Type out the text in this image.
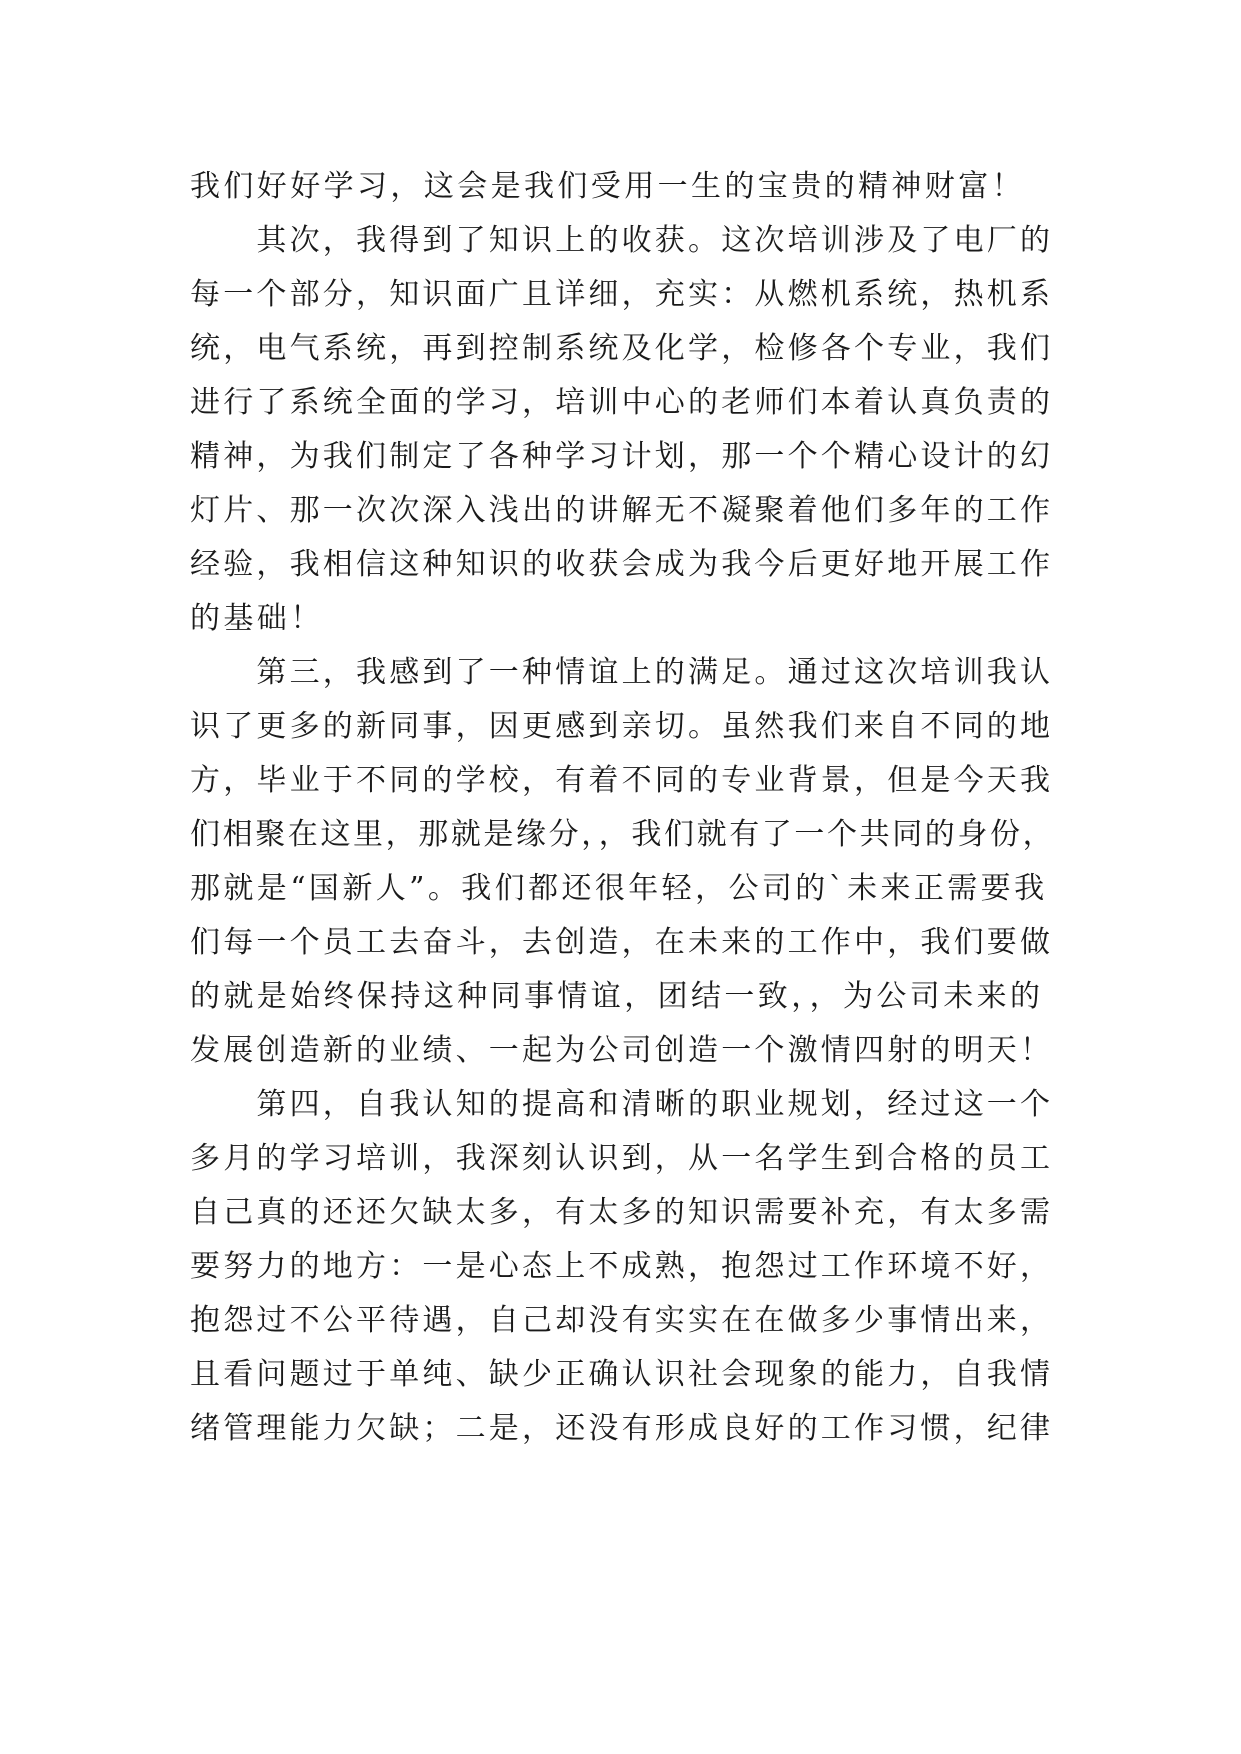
我们好好学习，这会是我们受用一生的宝贵的精神财富！
　　其次，我得到了知识上的收获。这次培训涉及了电厂的
每一个部分，知识面广且详细，充实：从燃机系统，热机系
统，电气系统，再到控制系统及化学，检修各个专业，我们
进行了系统全面的学习，培训中心的老师们本着认真负责的
精神，为我们制定了各种学习计划，那一个个精心设计的幻
灯片、那一次次深入浅出的讲解无不凝聚着他们多年的工作
经验，我相信这种知识的收获会成为我今后更好地开展工作
的基础！
　　第三，我感到了一种情谊上的满足。通过这次培训我认
识了更多的新同事，因更感到亲切。虽然我们来自不同的地
方，毕业于不同的学校，有着不同的专业背景，但是今天我
们相聚在这里，那就是缘分，，我们就有了一个共同的身份，
那就是“国新人”。我们都还很年轻，公司的`未来正需要我
们每一个员工去奋斗，去创造，在未来的工作中，我们要做
的就是始终保持这种同事情谊，团结一致，，为公司未来的
发展创造新的业绩、一起为公司创造一个激情四射的明天！
　　第四，自我认知的提高和清晰的职业规划，经过这一个
多月的学习培训，我深刻认识到，从一名学生到合格的员工
自己真的还还欠缺太多，有太多的知识需要补充，有太多需
要努力的地方：一是心态上不成熟，抱怨过工作环境不好，
抱怨过不公平待遇，自己却没有实实在在做多少事情出来，
且看问题过于单纯、缺少正确认识社会现象的能力，自我情
绪管理能力欠缺；二是，还没有形成良好的工作习惯，纪律
